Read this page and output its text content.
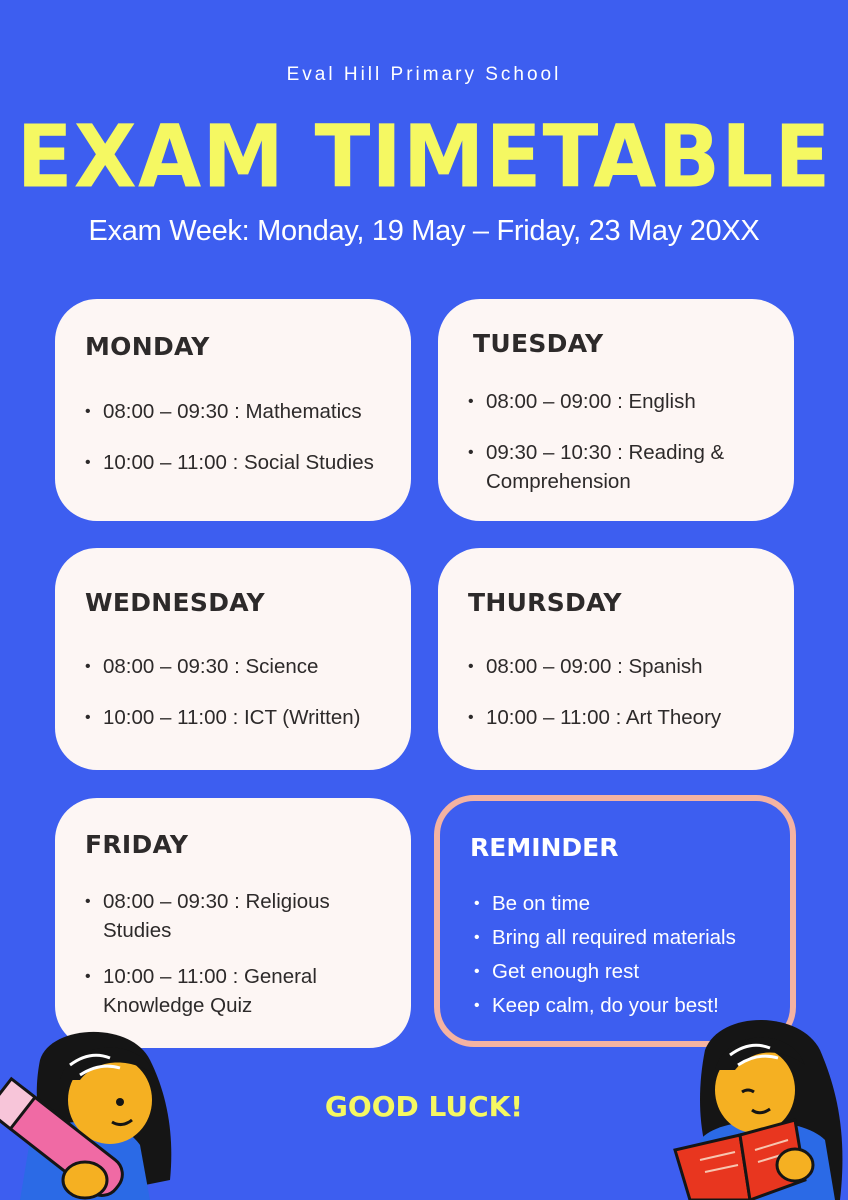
Eval Hill Primary School
EXAM TIMETABLE
Exam Week: Monday, 19 May – Friday, 23 May 20XX
MONDAY
• 08:00 – 09:30 : Mathematics
• 10:00 – 11:00 : Social Studies
TUESDAY
• 08:00 – 09:00 : English
• 09:30 – 10:30 : Reading & Comprehension
WEDNESDAY
• 08:00 – 09:30 : Science
• 10:00 – 11:00 : ICT (Written)
THURSDAY
• 08:00 – 09:00 : Spanish
• 10:00 – 11:00 : Art Theory
FRIDAY
• 08:00 – 09:30 : Religious Studies
• 10:00 – 11:00 : General Knowledge Quiz
REMINDER
• Be on time
• Bring all required materials
• Get enough rest
• Keep calm, do your best!
GOOD LUCK!
